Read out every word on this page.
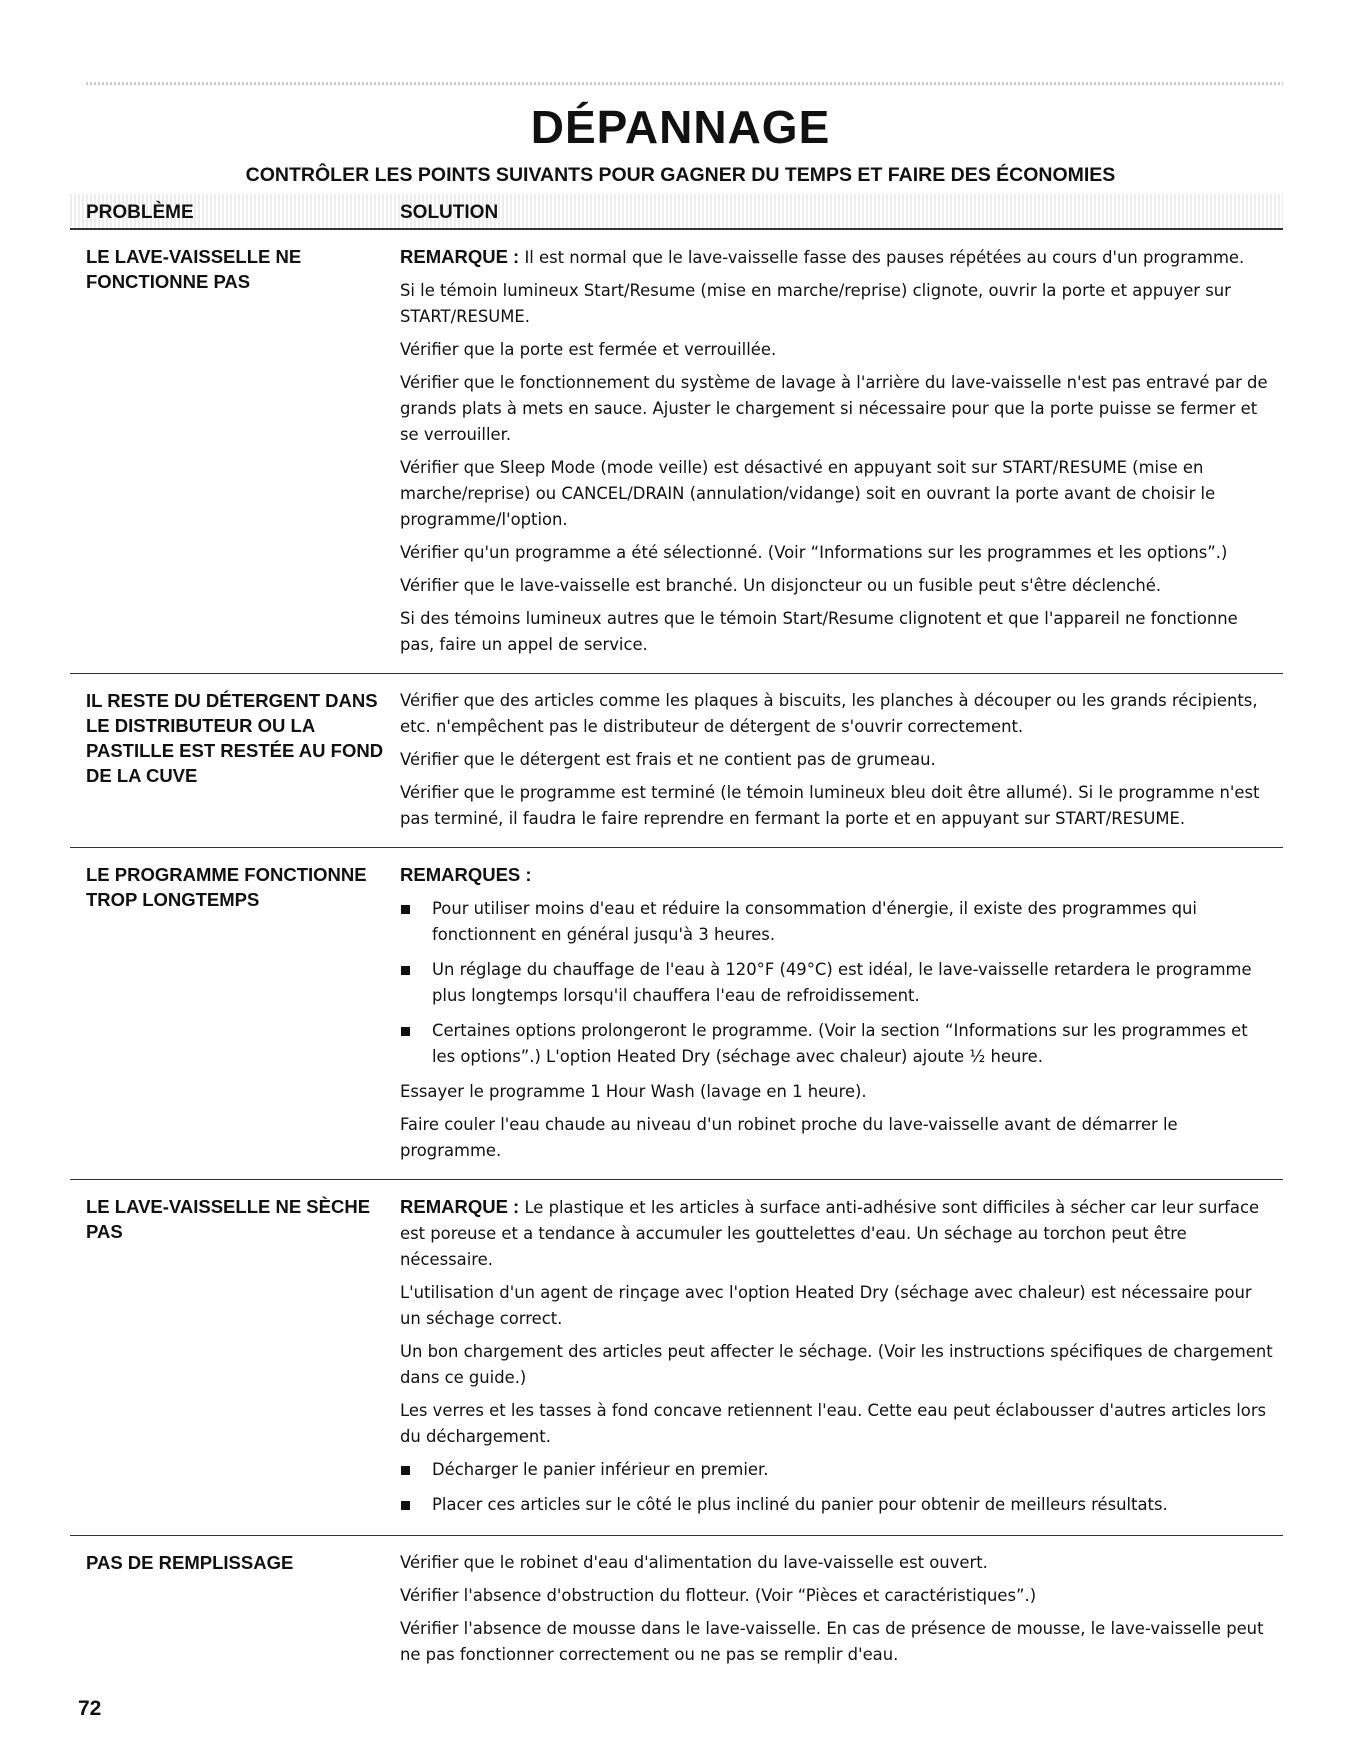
DÉPANNAGE
CONTRÔLER LES POINTS SUIVANTS POUR GAGNER DU TEMPS ET FAIRE DES ÉCONOMIES
PROBLÈME	SOLUTION
LE LAVE-VAISSELLE NE FONCTIONNE PAS

REMARQUE : Il est normal que le lave-vaisselle fasse des pauses répétées au cours d'un programme.

Si le témoin lumineux Start/Resume (mise en marche/reprise) clignote, ouvrir la porte et appuyer sur START/RESUME.

Vérifier que la porte est fermée et verrouillée.

Vérifier que le fonctionnement du système de lavage à l'arrière du lave-vaisselle n'est pas entravé par de grands plats à mets en sauce. Ajuster le chargement si nécessaire pour que la porte puisse se fermer et se verrouiller.

Vérifier que Sleep Mode (mode veille) est désactivé en appuyant soit sur START/RESUME (mise en marche/reprise) ou CANCEL/DRAIN (annulation/vidange) soit en ouvrant la porte avant de choisir le programme/l'option.

Vérifier qu'un programme a été sélectionné. (Voir “Informations sur les programmes et les options”.)

Vérifier que le lave-vaisselle est branché. Un disjoncteur ou un fusible peut s'être déclenché.

Si des témoins lumineux autres que le témoin Start/Resume clignotent et que l'appareil ne fonctionne pas, faire un appel de service.

IL RESTE DU DÉTERGENT DANS LE DISTRIBUTEUR OU LA PASTILLE EST RESTÉE AU FOND DE LA CUVE

Vérifier que des articles comme les plaques à biscuits, les planches à découper ou les grands récipients, etc. n'empêchent pas le distributeur de détergent de s'ouvrir correctement.

Vérifier que le détergent est frais et ne contient pas de grumeau.

Vérifier que le programme est terminé (le témoin lumineux bleu doit être allumé). Si le programme n'est pas terminé, il faudra le faire reprendre en fermant la porte et en appuyant sur START/RESUME.

LE PROGRAMME FONCTIONNE TROP LONGTEMPS

REMARQUES :

Pour utiliser moins d'eau et réduire la consommation d'énergie, il existe des programmes qui fonctionnent en général jusqu'à 3 heures.
Un réglage du chauffage de l'eau à 120°F (49°C) est idéal, le lave-vaisselle retardera le programme plus longtemps lorsqu'il chauffera l'eau de refroidissement.
Certaines options prolongeront le programme. (Voir la section “Informations sur les programmes et les options”.) L'option Heated Dry (séchage avec chaleur) ajoute ½ heure.

Essayer le programme 1 Hour Wash (lavage en 1 heure).

Faire couler l'eau chaude au niveau d'un robinet proche du lave-vaisselle avant de démarrer le programme.

LE LAVE-VAISSELLE NE SÈCHE PAS

REMARQUE : Le plastique et les articles à surface anti-adhésive sont difficiles à sécher car leur surface est poreuse et a tendance à accumuler les gouttelettes d'eau. Un séchage au torchon peut être nécessaire.

L'utilisation d'un agent de rinçage avec l'option Heated Dry (séchage avec chaleur) est nécessaire pour un séchage correct.

Un bon chargement des articles peut affecter le séchage. (Voir les instructions spécifiques de chargement dans ce guide.)

Les verres et les tasses à fond concave retiennent l'eau. Cette eau peut éclabousser d'autres articles lors du déchargement.

Décharger le panier inférieur en premier.
Placer ces articles sur le côté le plus incliné du panier pour obtenir de meilleurs résultats.
PAS DE REMPLISSAGE	Vérifier que le robinet d'eau d'alimentation du lave-vaisselle est ouvert.

Vérifier l'absence d'obstruction du flotteur. (Voir “Pièces et caractéristiques”.)

Vérifier l'absence de mousse dans le lave-vaisselle. En cas de présence de mousse, le lave-vaisselle peut ne pas fonctionner correctement ou ne pas se remplir d'eau.

72
